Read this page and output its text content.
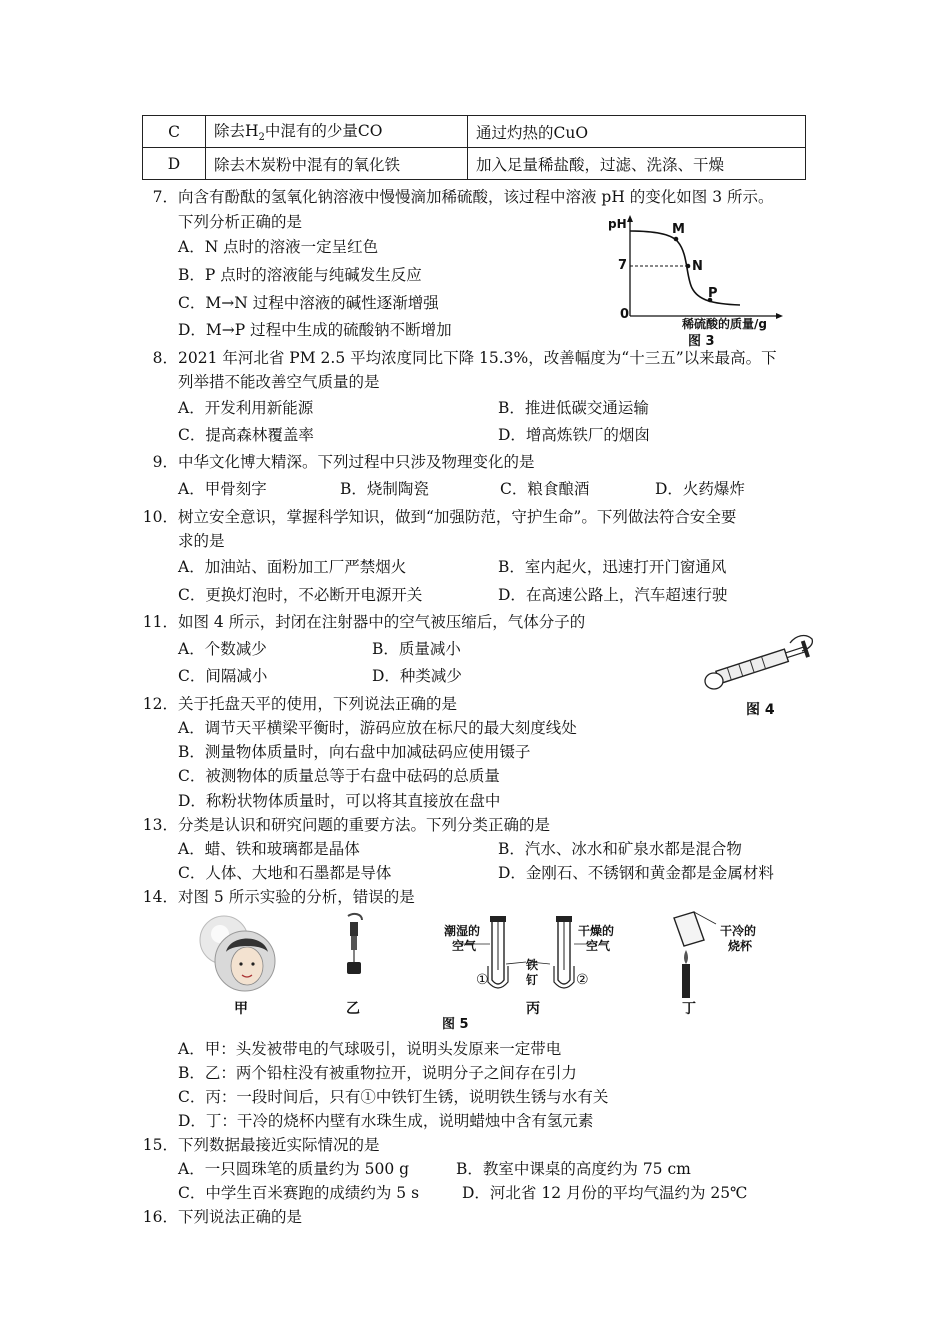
C	除去$H_2$中混有的少量CO	通过灼热的CuO
D	除去木炭粉中混有的氧化铁	加入足量稀盐酸，过滤、洗涤、干燥
7．向含有酚酞的氢氧化钠溶液中慢慢滴加稀硫酸，该过程中溶液 pH 的变化如图 3 所示。
下列分析正确的是
A．N 点时的溶液一定呈红色
B．P 点时的溶液能与纯碱发生反应
C．M→N 过程中溶液的碱性逐渐增强
D．M→P 过程中生成的硫酸钠不断增加
pH
7
0
M
N
P
稀硫酸的质量/g
图 3
8．2021 年河北省 PM 2.5 平均浓度同比下降 15.3%，改善幅度为“十三五”以来最高。下
列举措不能改善空气质量的是
A．开发利用新能源	B．推进低碳交通运输
C．提高森林覆盖率	D．增高炼铁厂的烟囱
9．中华文化博大精深。下列过程中只涉及物理变化的是
A．甲骨刻字	B．烧制陶瓷	C．粮食酿酒	D．火药爆炸
10．树立安全意识，掌握科学知识，做到“加强防范，守护生命”。下列做法符合安全要
求的是
A．加油站、面粉加工厂严禁烟火	B．室内起火，迅速打开门窗通风
C．更换灯泡时，不必断开电源开关	D．在高速公路上，汽车超速行驶
11．如图 4 所示，封闭在注射器中的空气被压缩后，气体分子的
A．个数减少	B．质量减小
C．间隔减小	D．种类减少
图 4
12．关于托盘天平的使用，下列说法正确的是
A．调节天平横梁平衡时，游码应放在标尺的最大刻度线处
B．测量物体质量时，向右盘中加减砝码应使用镊子
C．被测物体的质量总等于右盘中砝码的总质量
D．称粉状物体质量时，可以将其直接放在盘中
13．分类是认识和研究问题的重要方法。下列分类正确的是
A．蜡、铁和玻璃都是晶体	B．汽水、冰水和矿泉水都是混合物
C．人体、大地和石墨都是导体	D．金刚石、不锈钢和黄金都是金属材料
14．对图 5 所示实验的分析，错误的是
甲	乙	丙	丁
潮湿的
空气
干燥的
空气
铁
钉
①	②
干冷的
烧杯
图 5
A．甲：头发被带电的气球吸引，说明头发原来一定带电
B．乙：两个铅柱没有被重物拉开，说明分子之间存在引力
C．丙：一段时间后，只有①中铁钉生锈，说明铁生锈与水有关
D．丁：干冷的烧杯内壁有水珠生成，说明蜡烛中含有氢元素
15．下列数据最接近实际情况的是
A．一只圆珠笔的质量约为 500 g	B．教室中课桌的高度约为 75 cm
C．中学生百米赛跑的成绩约为 5 s	D．河北省 12 月份的平均气温约为 25℃
16．下列说法正确的是
